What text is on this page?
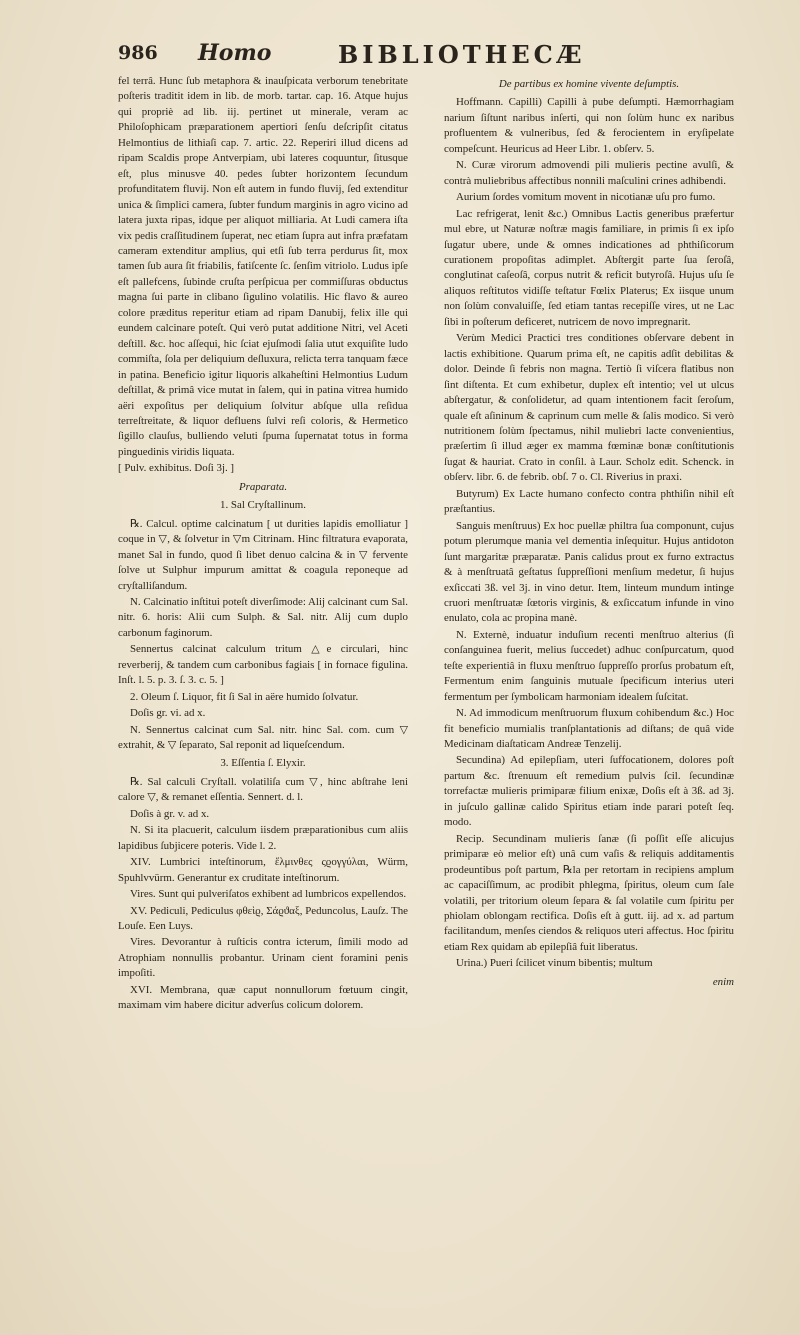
986 Homo	BIBLIOTHECÆ

fel terrâ. Hunc ſub metaphora & inauſpicata verborum tenebritate poſteris traditit idem in lib. de morb. tartar. cap. 16. Atque hujus qui propriè ad lib. iij. pertinet ut minerale, veram ac Philoſophicam præparationem apertiori ſenſu deſcripſit citatus Helmontius de lithiaſi cap. 7. artic. 22. Reperiri illud dicens ad ripam Scaldis prope Antverpiam, ubi lateres coquuntur, ſitusque eſt, plus minusve 40. pedes ſubter horizontem ſecundum profunditatem fluvij. Non eſt autem in fundo fluvij, ſed extenditur unica & ſimplici camera, ſubter fundum marginis in agro vicino ad latera juxta ripas, idque per aliquot milliaria. At Ludi camera iſta vix pedis craſſitudinem ſuperat, nec etiam ſupra aut infra præfatam cameram extenditur amplius, qui etſi ſub terra perdurus ſit, mox tamen ſub aura ſit friabilis, fatiſcente ſc. ſenſim vitriolo. Ludus ipſe eſt pallefcens, ſubinde cruſta perſpicua per commiſſuras obductus magna ſui parte in clibano ſigulino volatilis. Hic flavo & aureo colore præditus reperitur etiam ad ripam Danubij, felix ille qui eundem calcinare poteſt. Qui verò putat additione Nitri, vel Aceti deſtill. &c. hoc aſſequi, hic ſciat ejuſmodi ſalia utut exquiſite ludo commiſta, ſola per deliquium deſluxura, relicta terra tanquam fæce in patina. Beneficio igitur liquoris alkaheſtini Helmontius Ludum deſtillat, & primâ vice mutat in ſalem, qui in patina vitrea humido aëri expoſitus per deliquium ſolvitur abſque ulla reſidua terreſtreitate, & liquor defluens ſulvi reſi coloris, & Hermetico ſigillo clauſus, bulliendo veluti ſpuma ſupernatat totus in forma pinguedinis viridis liquata.

[ Pulv. exhibitus. Doſi 3j. ]

Praparata.

1. Sal Cryſtallinum.

℞. Calcul. optime calcinatum [ ut durities lapidis emolliatur ] coque in ▽, & ſolvetur in ▽m Citrinam. Hinc filtratura evaporata, manet Sal in fundo, quod ſi libet denuo calcina & in ▽ fervente ſolve ut Sulphur impurum amittat & coagula reponeque ad cryſtalliſandum.

N. Calcinatio inſtitui poteſt diverſimode: Alij calcinant cum Sal. nitr. 6. horis: Alii cum Sulph. & Sal. nitr. Alij cum duplo carbonum faginorum.

Sennertus calcinat calculum tritum △e circulari, hinc reverberij, & tandem cum carbonibus fagiais [ in fornace figulina. Inſt. l. 5. p. 3. ſ. 3. c. 5. ]

2. Oleum ſ. Liquor, fit ſi Sal in aëre humido ſolvatur.

Doſis gr. vi. ad x.

N. Sennertus calcinat cum Sal. nitr. hinc Sal. com. cum ▽ extrahit, & ▽ ſeparato, Sal reponit ad liqueſcendum.

3. Eſſentia ſ. Elyxir.

℞. Sal calculi Cryſtall. volatiliſa cum ▽, hinc abſtrahe leni calore ▽, & remanet eſſentia. Sennert. d. l.

Doſis à gr. v. ad x.

N. Si ita placuerit, calculum iisdem præparationibus cum aliis lapidibus ſubjicere poteris. Vide l. 2.

XIV. Lumbrici inteſtinorum, ἕλμινθες ςϱογγύλαι, Würm, Spuhlvvürm. Generantur ex cruditate inteſtinorum.

Vires. Sunt qui pulveriſatos exhibent ad lumbricos expellendos.

XV. Pediculi, Pediculus φθεὶϱ, Σάϱϑαξ, Peduncolus, Lauſz. The Louſe. Een Luys.

Vires. Devorantur à ruſticis contra icterum, ſimili modo ad Atrophiam nonnullis probantur. Urinam cient foramini penis impoſiti.

XVI. Membrana, quæ caput nonnullorum fœtuum cingit, maximam vim habere dicitur adverſus colicum dolorem.

De partibus ex homine vivente deſumptis.

Hoffmann. Capilli) Capilli à pube deſumpti. Hæmorrhagiam narium ſiſtunt naribus inſerti, qui non ſolùm hunc ex naribus profluentem & vulneribus, ſed & ferocientem in eryſipelate compeſcunt. Heuricus ad Heer Libr. 1. obſerv. 5.

N. Curæ virorum admovendi pili mulieris pectine avulſi, & contrà muliebribus affectibus nonnili maſculini crines adhibendi.

Aurium ſordes vomitum movent in nicotianæ uſu pro fumo.

Lac refrigerat, lenit &c.) Omnibus Lactis generibus præfertur mul ebre, ut Naturæ noſtræ magis familiare, in primis ſi ex ipſo ſugatur ubere, unde & omnes indicationes ad phthiſicorum curationem propoſitas adimplet. Abſtergit parte ſua ſeroſâ, conglutinat caſeoſâ, corpus nutrit & reficit butyroſâ. Hujus uſu ſe aliquos reſtitutos vidiſſe teſtatur Fœlix Platerus; Ex iisque unum non ſolùm convaluiſſe, ſed etiam tantas recepiſſe vires, ut ne Lac ſibi in poſterum deficeret, nutricem de novo impregnarit.

Verùm Medici Practici tres conditiones obſervare debent in lactis exhibitione. Quarum prima eſt, ne capitis adſit debilitas & dolor. Deinde ſi febris non magna. Tertiò ſi viſcera flatibus non ſint diſtenta. Et cum exhibetur, duplex eſt intentio; vel ut ulcus abſtergatur, & conſolidetur, ad quam intentionem facit ſeroſum, quale eſt aſininum & caprinum cum melle & ſalis modico. Si verò nutritionem ſolùm ſpectamus, nihil muliebri lacte convenientius, præſertim ſi illud æger ex mamma fœminæ bonæ conſtitutionis ſugat & hauriat. Crato in conſil. à Laur. Scholz edit. Schenck. in obſerv. libr. 6. de febrib. obſ. 7 o. Cl. Riverius in praxi.

Butyrum) Ex Lacte humano confecto contra phthiſin nihil eſt præſtantius.

Sanguis menſtruus) Ex hoc puellæ philtra ſua componunt, cujus potum plerumque mania vel dementia inſequitur. Hujus antidoton ſunt margaritæ præparatæ. Panis calidus prout ex furno extractus & à menſtruatâ geſtatus ſuppreſſioni menſium medetur, ſi hujus exſiccati 3ß. vel 3j. in vino detur. Item, linteum mundum intinge cruori menſtruatæ ſœtoris virginis, & exſiccatum infunde in vino enulato, cola ac propina manè.

N. Externè, induatur induſium recenti menſtruo alterius (ſi conſanguinea fuerit, melius ſuccedet) adhuc conſpurcatum, quod teſte experientiâ in fluxu menſtruo ſuppreſſo prorſus probatum eſt, Fermentum enim ſanguinis mutuale ſpecificum interius uteri fermentum per ſymbolicam harmoniam idealem ſuſcitat.

N. Ad immodicum menſtruorum fluxum cohibendum &c.) Hoc fit beneficio mumialis tranſplantationis ad diſtans; de quâ vide Medicinam diaſtaticam Andreæ Tenzelij.

Secundina) Ad epilepſiam, uteri ſuffocationem, dolores poſt partum &c. ſtrenuum eſt remedium pulvis ſcil. ſecundinæ torrefactæ mulieris primiparæ filium enixæ, Doſis eſt à 3ß. ad 3j. in juſculo gallinæ calido Spiritus etiam inde parari poteſt ſeq. modo.

Recip. Secundinam mulieris ſanæ (ſi poſſit eſſe alicujus primiparæ eò melior eſt) unâ cum vaſis & reliquis additamentis prodeuntibus poſt partum, ℞la per retortam in recipiens amplum ac capaciſſimum, ac prodibit phlegma, ſpiritus, oleum cum ſale volatili, per tritorium oleum ſepara & ſal volatile cum ſpiritu per phiolam oblongam rectifica. Doſis eſt à gutt. iij. ad x. ad partum facilitandum, menſes ciendos & reliquos uteri affectus. Hoc ſpiritu etiam Rex quidam ab epilepſiâ fuit liberatus.

Urina.) Pueri ſcilicet vinum bibentis; multum

enim
